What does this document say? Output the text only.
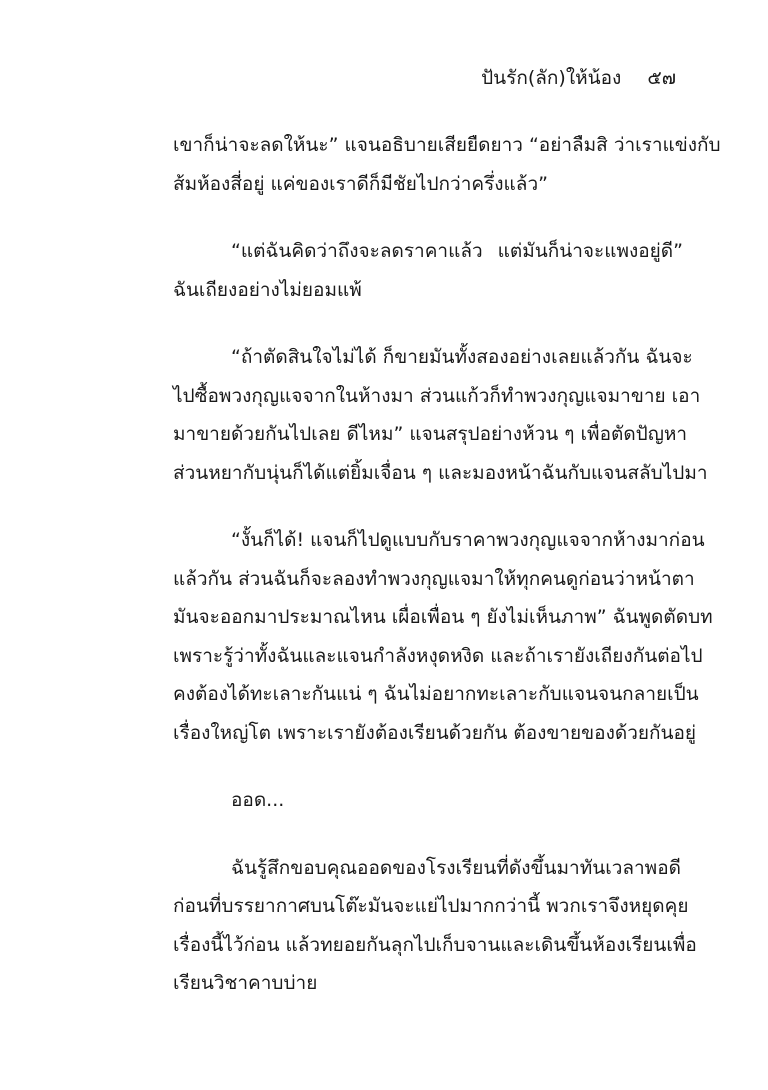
ปันรัก(ลัก)ให้น้อง ๕๗

เขาก็น่าจะลดให้นะ” แจนอธิบายเสียยืดยาว “อย่าลืมสิ ว่าเราแข่งกับ
ส้มห้องสี่อยู่ แค่ของเราดีก็มีชัยไปกว่าครึ่งแล้ว”

“แต่ฉันคิดว่าถึงจะลดราคาแล้ว แต่มันก็น่าจะแพงอยู่ดี”
ฉันเถียงอย่างไม่ยอมแพ้

“ถ้าตัดสินใจไม่ได้ ก็ขายมันทั้งสองอย่างเลยแล้วกัน ฉันจะ
ไปซื้อพวงกุญแจจากในห้างมา ส่วนแก้วก็ทำพวงกุญแจมาขาย เอา
มาขายด้วยกันไปเลย ดีไหม” แจนสรุปอย่างห้วน ๆ เพื่อตัดปัญหา
ส่วนหยากับนุ่นก็ได้แต่ยิ้มเจื่อน ๆ และมองหน้าฉันกับแจนสลับไปมา

“งั้นก็ได้! แจนก็ไปดูแบบกับราคาพวงกุญแจจากห้างมาก่อน
แล้วกัน ส่วนฉันก็จะลองทำพวงกุญแจมาให้ทุกคนดูก่อนว่าหน้าตา
มันจะออกมาประมาณไหน เผื่อเพื่อน ๆ ยังไม่เห็นภาพ” ฉันพูดตัดบท
เพราะรู้ว่าทั้งฉันและแจนกำลังหงุดหงิด และถ้าเรายังเถียงกันต่อไป
คงต้องได้ทะเลาะกันแน่ ๆ ฉันไม่อยากทะเลาะกับแจนจนกลายเป็น
เรื่องใหญ่โต เพราะเรายังต้องเรียนด้วยกัน ต้องขายของด้วยกันอยู่

ออด...

ฉันรู้สึกขอบคุณออดของโรงเรียนที่ดังขึ้นมาทันเวลาพอดี
ก่อนที่บรรยากาศบนโต๊ะมันจะแย่ไปมากกว่านี้ พวกเราจึงหยุดคุย
เรื่องนี้ไว้ก่อน แล้วทยอยกันลุกไปเก็บจานและเดินขึ้นห้องเรียนเพื่อ
เรียนวิชาคาบบ่าย
